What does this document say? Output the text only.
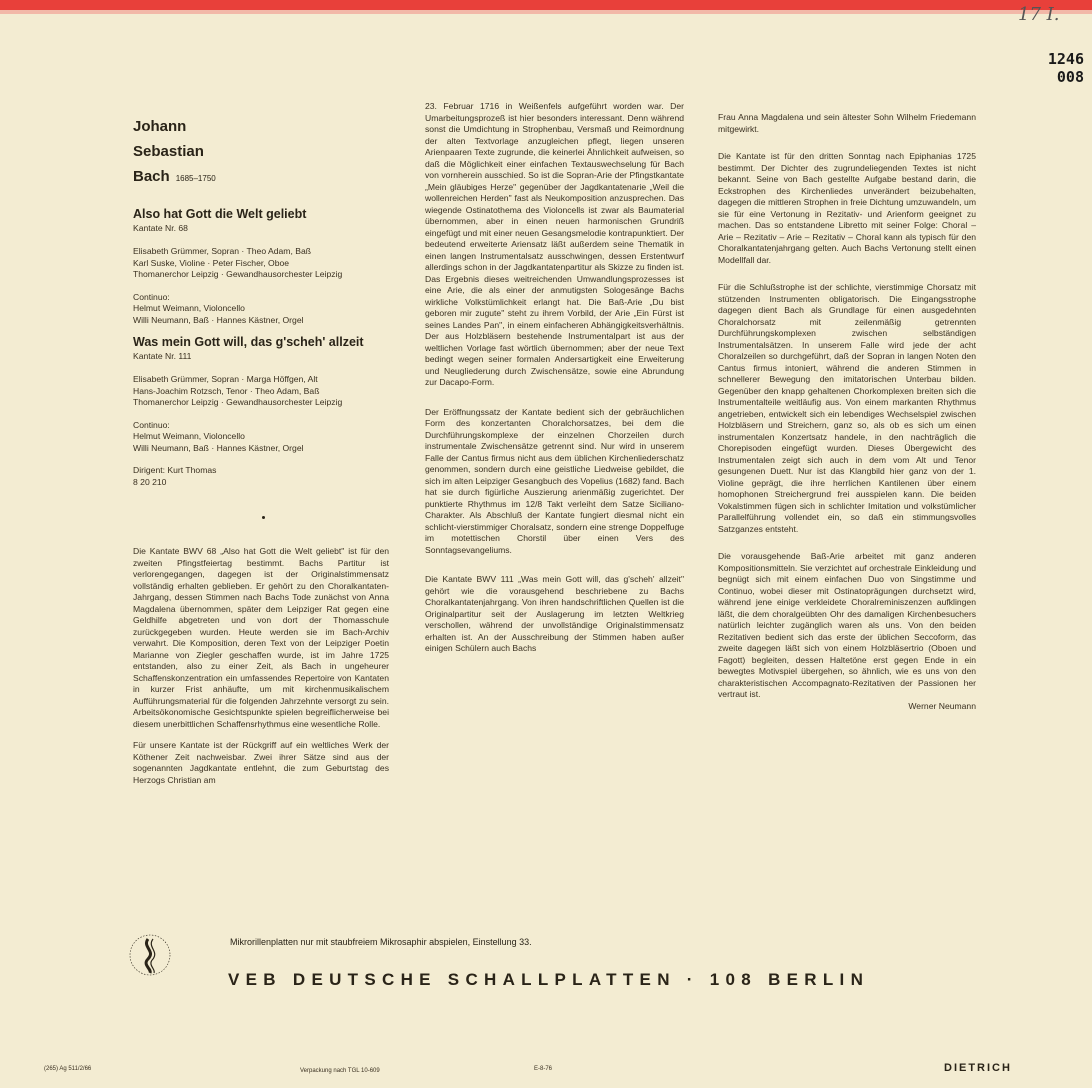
17 I.
1246
008
Johann
Sebastian
Bach 1685–1750
Also hat Gott die Welt geliebt
Kantate Nr. 68
Elisabeth Grümmer, Sopran · Theo Adam, Baß
Karl Suske, Violine · Peter Fischer, Oboe
Thomanerchor Leipzig · Gewandhausorchester Leipzig
Continuo:
Helmut Weimann, Violoncello
Willi Neumann, Baß · Hannes Kästner, Orgel
Was mein Gott will, das g'scheh' allzeit
Kantate Nr. 111
Elisabeth Grümmer, Sopran · Marga Höffgen, Alt
Hans-Joachim Rotzsch, Tenor · Theo Adam, Baß
Thomanerchor Leipzig · Gewandhausorchester Leipzig
Continuo:
Helmut Weimann, Violoncello
Willi Neumann, Baß · Hannes Kästner, Orgel
Dirigent: Kurt Thomas
8 20 210

Die Kantate BWV 68 „Also hat Gott die Welt geliebt" ist für den zweiten Pfingstfeiertag bestimmt. Bachs Partitur ist verlorengegangen, dagegen ist der Originalstimmensatz vollständig erhalten geblieben. Er gehört zu den Choralkantaten-Jahrgang, dessen Stimmen nach Bachs Tode zunächst von Anna Magdalena übernommen, später dem Leipziger Rat gegen eine Geldhilfe abgetreten und von dort der Thomasschule zurückgegeben wurden. Heute werden sie im Bach-Archiv verwahrt. Die Komposition, deren Text von der Leipziger Poetin Marianne von Ziegler geschaffen wurde, ist im Jahre 1725 entstanden, also zu einer Zeit, als Bach in ungeheurer Schaffenskonzentration ein umfassendes Repertoire von Kantaten in kurzer Frist anhäufte, um mit kirchenmusikalischem Aufführungsmaterial für die folgenden Jahrzehnte versorgt zu sein. Arbeitsökonomische Gesichtspunkte spielen begreiflicherweise bei diesem unerbittlichen Schaffensrhythmus eine wesentliche Rolle.

Für unsere Kantate ist der Rückgriff auf ein weltliches Werk der Köthener Zeit nachweisbar. Zwei ihrer Sätze sind aus der sogenannten Jagdkantate entlehnt, die zum Geburtstag des Herzogs Christian am

23. Februar 1716 in Weißenfels aufgeführt worden war. Der Umarbeitungsprozeß ist hier besonders interessant. Denn während sonst die Umdichtung in Strophenbau, Versmaß und Reimordnung der alten Textvorlage anzugleichen pflegt, liegen unseren Arienpaaren Texte zugrunde, die keinerlei Ähnlichkeit aufweisen, so daß die Möglichkeit einer einfachen Textauswechselung für Bach von vornherein ausschied. So ist die Sopran-Arie der Pfingstkantate „Mein gläubiges Herze" gegenüber der Jagdkantatenarie „Weil die wollenreichen Herden" fast als Neukomposition anzusprechen. Das wiegende Ostinatothema des Violoncells ist zwar als Baumaterial übernommen, aber in einen neuen harmonischen Grundriß eingefügt und mit einer neuen Gesangsmelodie kontrapunktiert. Der bedeutend erweiterte Ariensatz läßt außerdem seine Thematik in einen langen Instrumentalsatz ausschwingen, dessen Erstentwurf allerdings schon in der Jagdkantatenpartitur als Skizze zu finden ist. Das Ergebnis dieses weitreichenden Umwandlungsprozesses ist eine Arie, die als einer der anmutigsten Sologesänge Bachs wirkliche Volkstümlichkeit erlangt hat. Die Baß-Arie „Du bist geboren mir zugute" steht zu ihrem Vorbild, der Arie „Ein Fürst ist seines Landes Pan", in einem einfacheren Abhängigkeitsverhältnis. Der aus Holzbläsern bestehende Instrumentalpart ist aus der weltlichen Vorlage fast wörtlich übernommen; aber der neue Text bedingt wegen seiner formalen Andersartigkeit eine Erweiterung und Neugliederung durch Zwischensätze, sowie eine Abrundung zur Dacapo-Form.

Der Eröffnungssatz der Kantate bedient sich der gebräuchlichen Form des konzertanten Choralchorsatzes, bei dem die Durchführungskomplexe der einzelnen Chorzeilen durch instrumentale Zwischensätze getrennt sind. Nur wird in unserem Falle der Cantus firmus nicht aus dem üblichen Kirchenliederschatz genommen, sondern durch eine geistliche Liedweise gebildet, die sich im alten Leipziger Gesangbuch des Vopelius (1682) fand. Bach hat sie durch figürliche Auszierung arienmäßig zugerichtet. Der punktierte Rhythmus im 12/8 Takt verleiht dem Satze Siciliano-Charakter. Als Abschluß der Kantate fungiert diesmal nicht ein schlicht-vierstimmiger Choralsatz, sondern eine strenge Doppelfuge im motettischen Chorstil über einen Vers des Sonntagsevangeliums.

Die Kantate BWV 111 „Was mein Gott will, das g'scheh' allzeit" gehört wie die vorausgehend beschriebene zu Bachs Choralkantatenjahrgang. Von ihren handschriftlichen Quellen ist die Originalpartitur seit der Auslagerung im letzten Weltkrieg verschollen, während der unvollständige Originalstimmensatz erhalten ist. An der Ausschreibung der Stimmen haben außer einigen Schülern auch Bachs

Frau Anna Magdalena und sein ältester Sohn Wilhelm Friedemann mitgewirkt.

Die Kantate ist für den dritten Sonntag nach Epiphanias 1725 bestimmt. Der Dichter des zugrundeliegenden Textes ist nicht bekannt. Seine von Bach gestellte Aufgabe bestand darin, die Eckstrophen des Kirchenliedes unverändert beizubehalten, dagegen die mittleren Strophen in freie Dichtung umzuwandeln, um sie für eine Vertonung in Rezitativ- und Arienform geeignet zu machen. Das so entstandene Libretto mit seiner Folge: Choral – Arie – Rezitativ – Arie – Rezitativ – Choral kann als typisch für den Choralkantatenjahrgang gelten. Auch Bachs Vertonung stellt einen Modellfall dar.

Für die Schlußstrophe ist der schlichte, vierstimmige Chorsatz mit stützenden Instrumenten obligatorisch. Die Eingangsstrophe dagegen dient Bach als Grundlage für einen ausgedehnten Choralchorsatz mit zeilenmäßig getrennten Durchführungskomplexen zwischen selbständigen Instrumentalsätzen. In unserem Falle wird jede der acht Choralzeilen so durchgeführt, daß der Sopran in langen Noten den Cantus firmus intoniert, während die anderen Stimmen in schnellerer Bewegung den imitatorischen Unterbau bilden. Gegenüber den knapp gehaltenen Chorkomplexen breiten sich die Instrumentalteile weitläufig aus. Von einem markanten Rhythmus angetrieben, entwickelt sich ein lebendiges Wechselspiel zwischen Holzbläsern und Streichern, ganz so, als ob es sich um einen instrumentalen Konzertsatz handele, in den nachträglich die Chorepisoden eingefügt wurden. Dieses Übergewicht des Instrumentalen zeigt sich auch in dem vom Alt und Tenor gesungenen Duett. Nur ist das Klangbild hier ganz von der 1. Violine geprägt, die ihre herrlichen Kantilenen über einem homophonen Streichergrund frei ausspielen kann. Die beiden Vokalstimmen fügen sich in schlichter Imitation und volkstümlicher Parallelführung vollendet ein, so daß ein stimmungsvolles Satzganzes entsteht.

Die vorausgehende Baß-Arie arbeitet mit ganz anderen Kompositionsmitteln. Sie verzichtet auf orchestrale Einkleidung und begnügt sich mit einem einfachen Duo von Singstimme und Continuo, wobei dieser mit Ostinatoprägungen durchsetzt wird, während jene einige verkleidete Choralreminiszenzen aufklingen läßt, die dem choralgeübten Ohr des damaligen Kirchenbesuchers natürlich leichter zugänglich waren als uns. Von den beiden Rezitativen bedient sich das erste der üblichen Seccoform, das zweite dagegen läßt sich von einem Holzbläsertrio (Oboen und Fagott) begleiten, dessen Haltetöne erst gegen Ende in ein bewegtes Motivspiel übergehen, so ähnlich, wie es uns von den charakteristischen Accompagnato-Rezitativen der Passionen her vertraut ist.

Werner Neumann
Mikrorillenplatten nur mit staubfreiem Mikrosaphir abspielen, Einstellung 33.
VEB DEUTSCHE SCHALLPLATTEN · 108 BERLIN
(265) Ag 511/2/66	Verpackung nach TGL 10-609	E-8-76	DIETRICH
